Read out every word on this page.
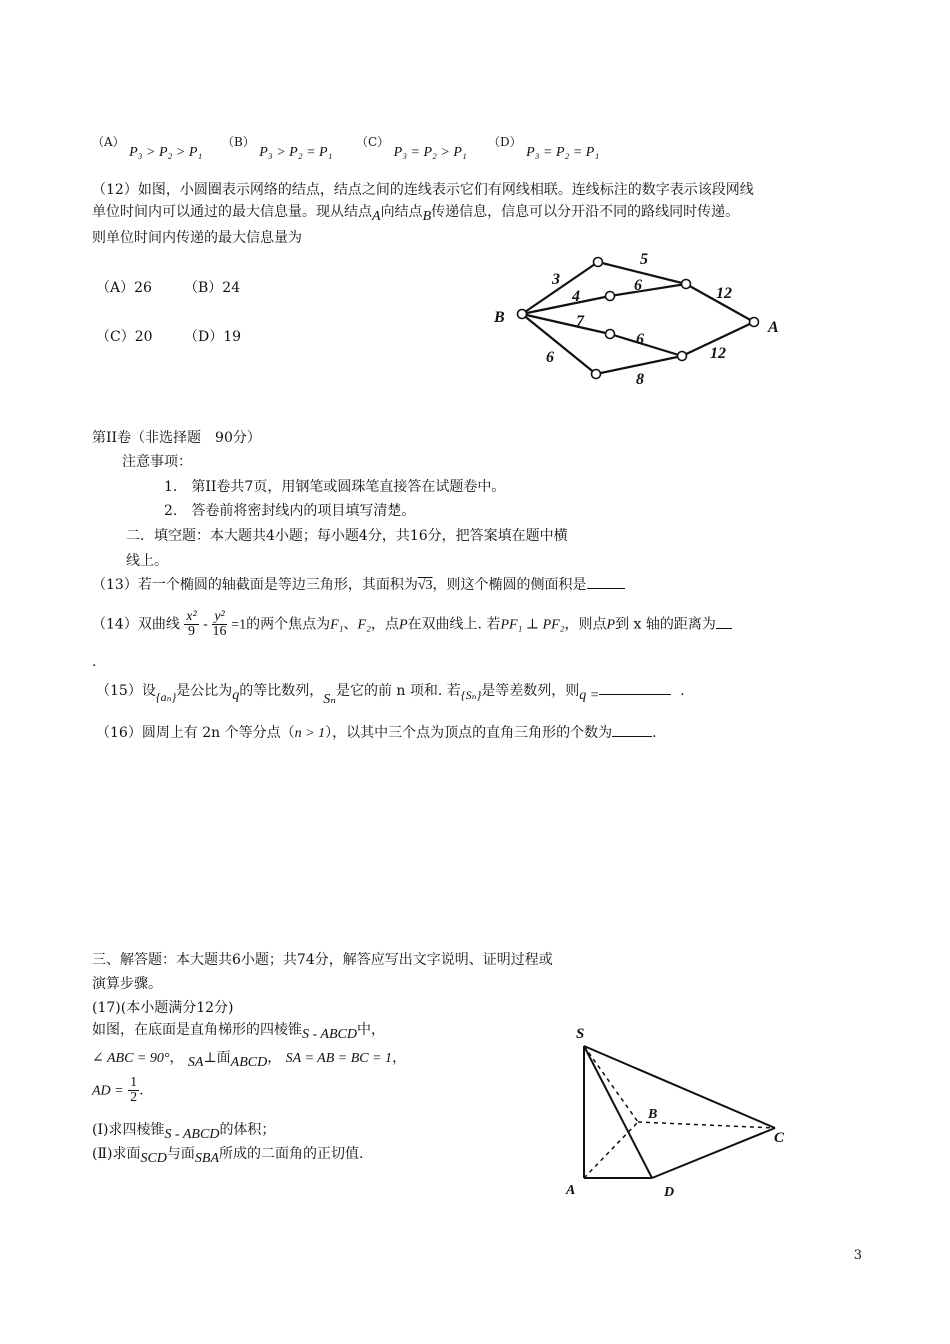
（A） P₃ > P₂ > P₁
（B） P₃ > P₂ = P₁
（C） P₃ = P₂ > P₁
（D） P₃ = P₂ = P₁
（12）如图，小圆圈表示网络的结点，结点之间的连线表示它们有网线相联。连线标注的数字表示该段网线
单位时间内可以通过的最大信息量。现从结点A向结点B传递信息，信息可以分开沿不同的路线同时传递。
则单位时间内传递的最大信息量为
（A）26 （B）24
（C）20 （D）19
B
A
3
5
4
6	12
7
6
12
6
8
第II卷（非选择题　90分）
注意事项：
1.　第II卷共7页，用钢笔或圆珠笔直接答在试题卷中。
2.　答卷前将密封线内的项目填写清楚。
二．填空题：本大题共4小题；每小题4分，共16分，把答案填在题中横
线上。
（13）若一个椭圆的轴截面是等边三角形，其面积为√3，则这个椭圆的侧面积是
（14）双曲线 $\frac{\text{x²}}{9} - \frac{\text{y²}}{16} =1$的两个焦点为F₁、F₂，点P在双曲线上. 若PF₁ ⊥ PF₂，则点P到 x 轴的距离为
.
（15）设{aₙ}是公比为q的等比数列，Sₙ是它的前 n 项和. 若{Sₙ}是等差数列，则q =	.
（16）圆周上有 2n 个等分点（n > 1），以其中三个点为顶点的直角三角形的个数为	.
三、解答题：本大题共6小题；共74分，解答应写出文字说明、证明过程或
演算步骤。
(17)(本小题满分12分)
如图，在底面是直角梯形的四棱锥S - ABCD中，
∠ ABC = 90°， SA⊥面ABCD， SA = AB = BC = 1，
AD = $\frac{1}{2}$ .
(Ⅰ)求四棱锥S - ABCD的体积；
(Ⅱ)求面SCD与面SBA所成的二面角的正切值.
S
A
B
C
D
3
